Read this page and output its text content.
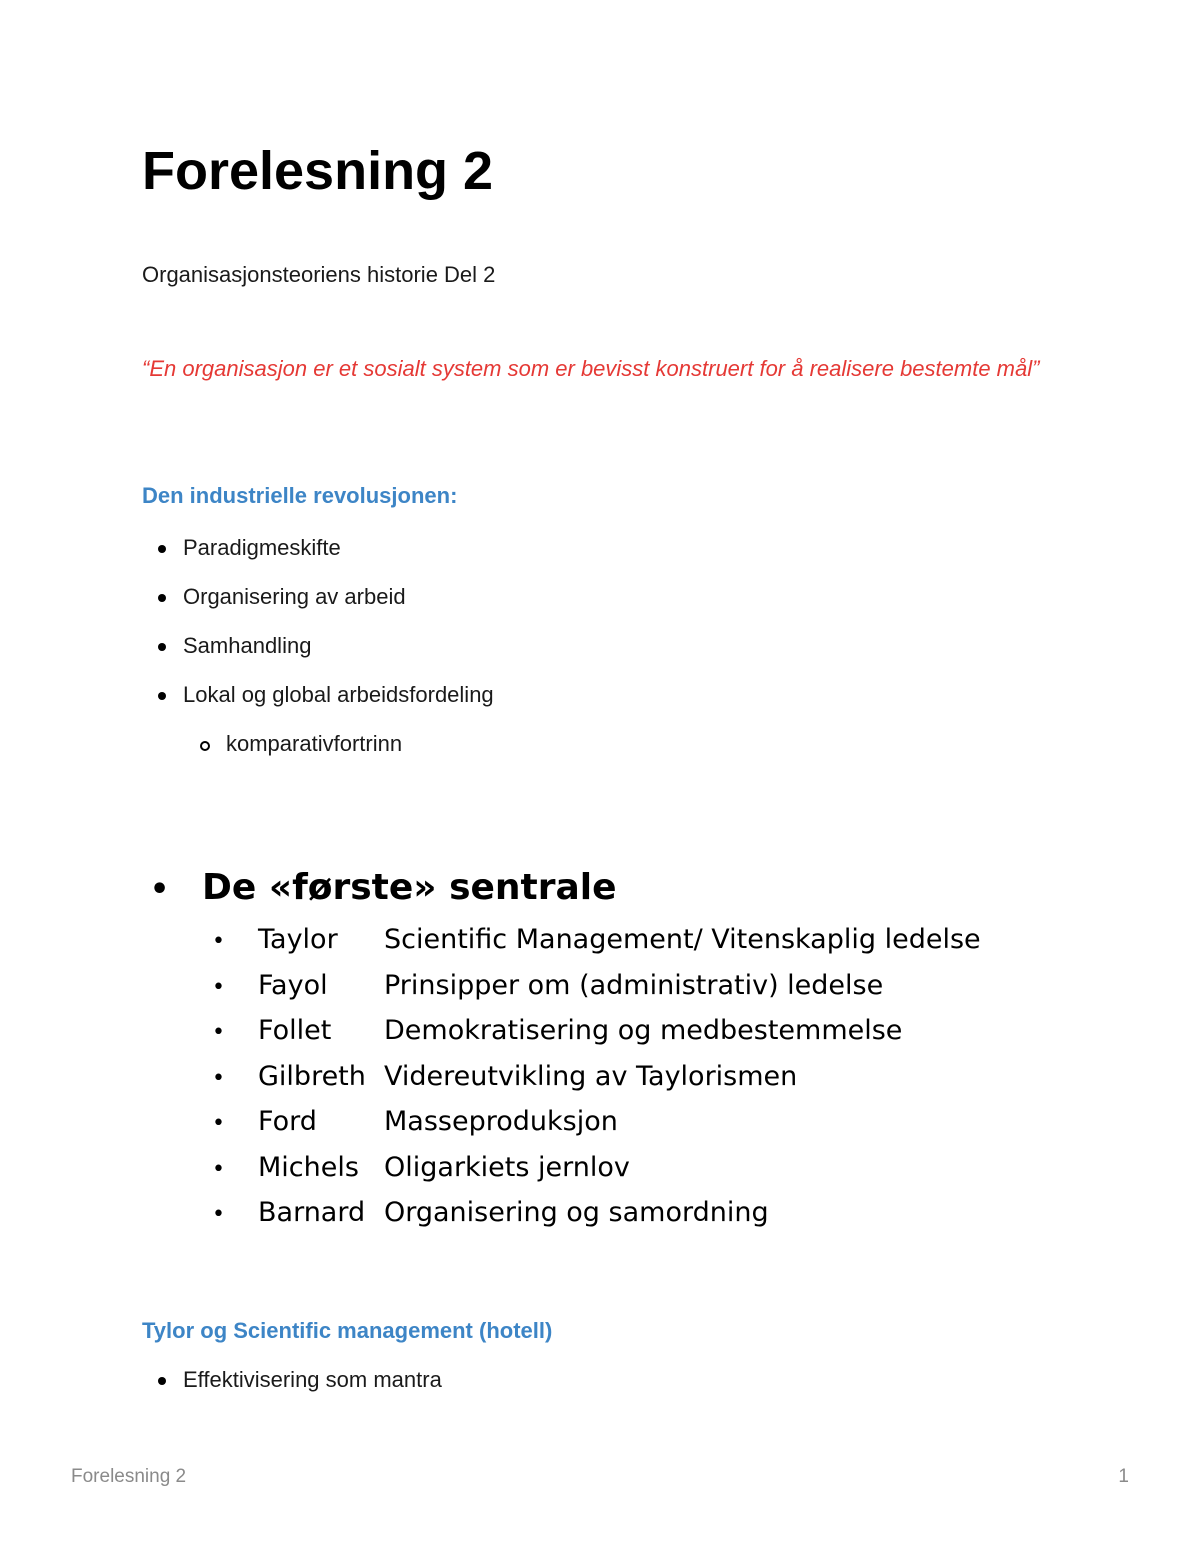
Forelesning 2

Organisasjonsteoriens historie Del 2

“En organisasjon er et sosialt system som er bevisst konstruert for å realisere bestemte mål”

Den industrielle revolusjonen:
Paradigmeskifte
Organisering av arbeid
Samhandling
Lokal og global arbeidsfordeling
komparativfortrinn

• De «første» sentrale

• Taylor Scientific Management/ Vitenskaplig ledelse
• Fayol Prinsipper om (administrativ) ledelse
• Follet Demokratisering og medbestemmelse
• Gilbreth Videreutvikling av Taylorismen
• Ford Masseproduksjon
• Michels Oligarkiets jernlov
• Barnard Organisering og samordning
Tylor og Scientific management (hotell)
Effektivisering som mantra

Forelesning 2	1
